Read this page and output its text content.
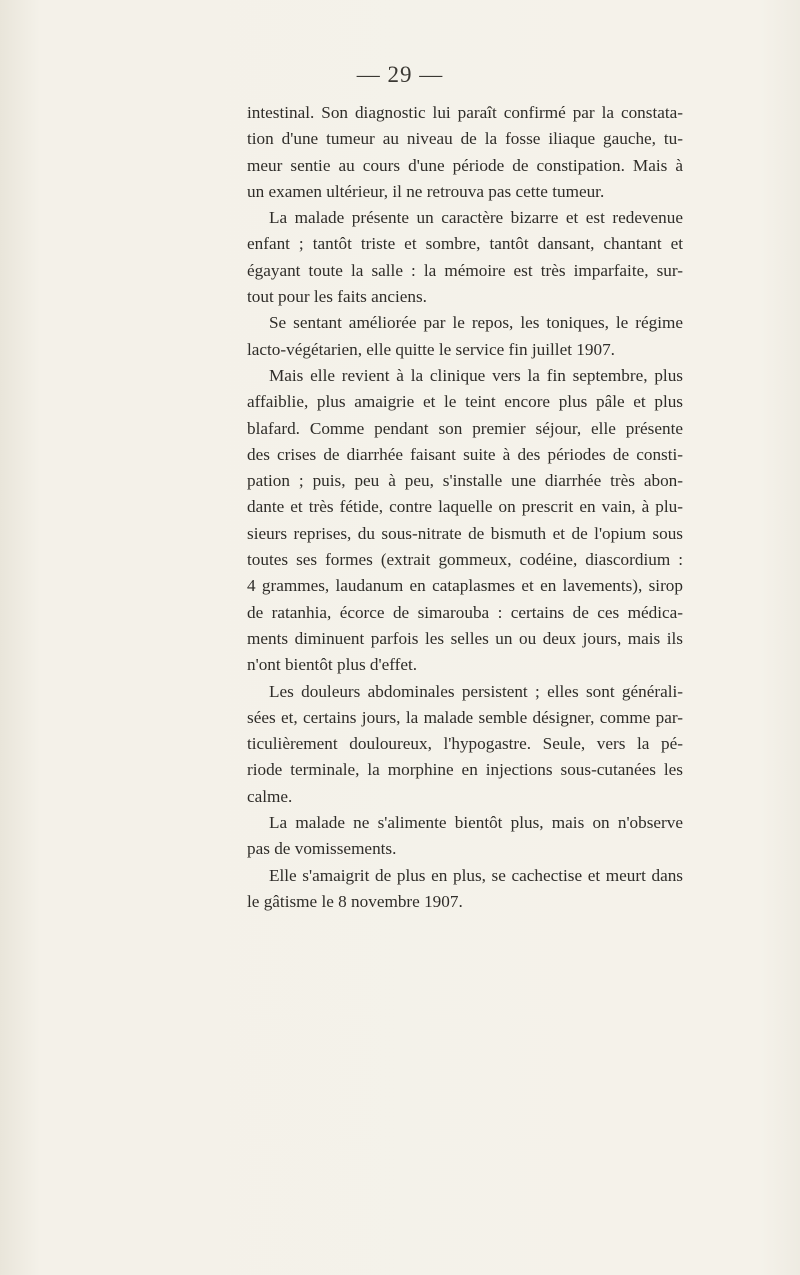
— 29 —
intestinal. Son diagnostic lui paraît confirmé par la constata-
tion d'une tumeur au niveau de la fosse iliaque gauche, tu-
meur sentie au cours d'une période de constipation. Mais à
un examen ultérieur, il ne retrouva pas cette tumeur.
La malade présente un caractère bizarre et est redevenue
enfant ; tantôt triste et sombre, tantôt dansant, chantant et
égayant toute la salle : la mémoire est très imparfaite, sur-
tout pour les faits anciens.
Se sentant améliorée par le repos, les toniques, le régime
lacto-végétarien, elle quitte le service fin juillet 1907.
Mais elle revient à la clinique vers la fin septembre, plus
affaiblie, plus amaigrie et le teint encore plus pâle et plus
blafard. Comme pendant son premier séjour, elle présente
des crises de diarrhée faisant suite à des périodes de consti-
pation ; puis, peu à peu, s'installe une diarrhée très abon-
dante et très fétide, contre laquelle on prescrit en vain, à plu-
sieurs reprises, du sous-nitrate de bismuth et de l'opium sous
toutes ses formes (extrait gommeux, codéine, diascordium :
4 grammes, laudanum en cataplasmes et en lavements), sirop
de ratanhia, écorce de simarouba : certains de ces médica-
ments diminuent parfois les selles un ou deux jours, mais ils
n'ont bientôt plus d'effet.
Les douleurs abdominales persistent ; elles sont générali-
sées et, certains jours, la malade semble désigner, comme par-
ticulièrement douloureux, l'hypogastre. Seule, vers la pé-
riode terminale, la morphine en injections sous-cutanées les
calme.
La malade ne s'alimente bientôt plus, mais on n'observe
pas de vomissements.
Elle s'amaigrit de plus en plus, se cachectise et meurt dans
le gâtisme le 8 novembre 1907.
